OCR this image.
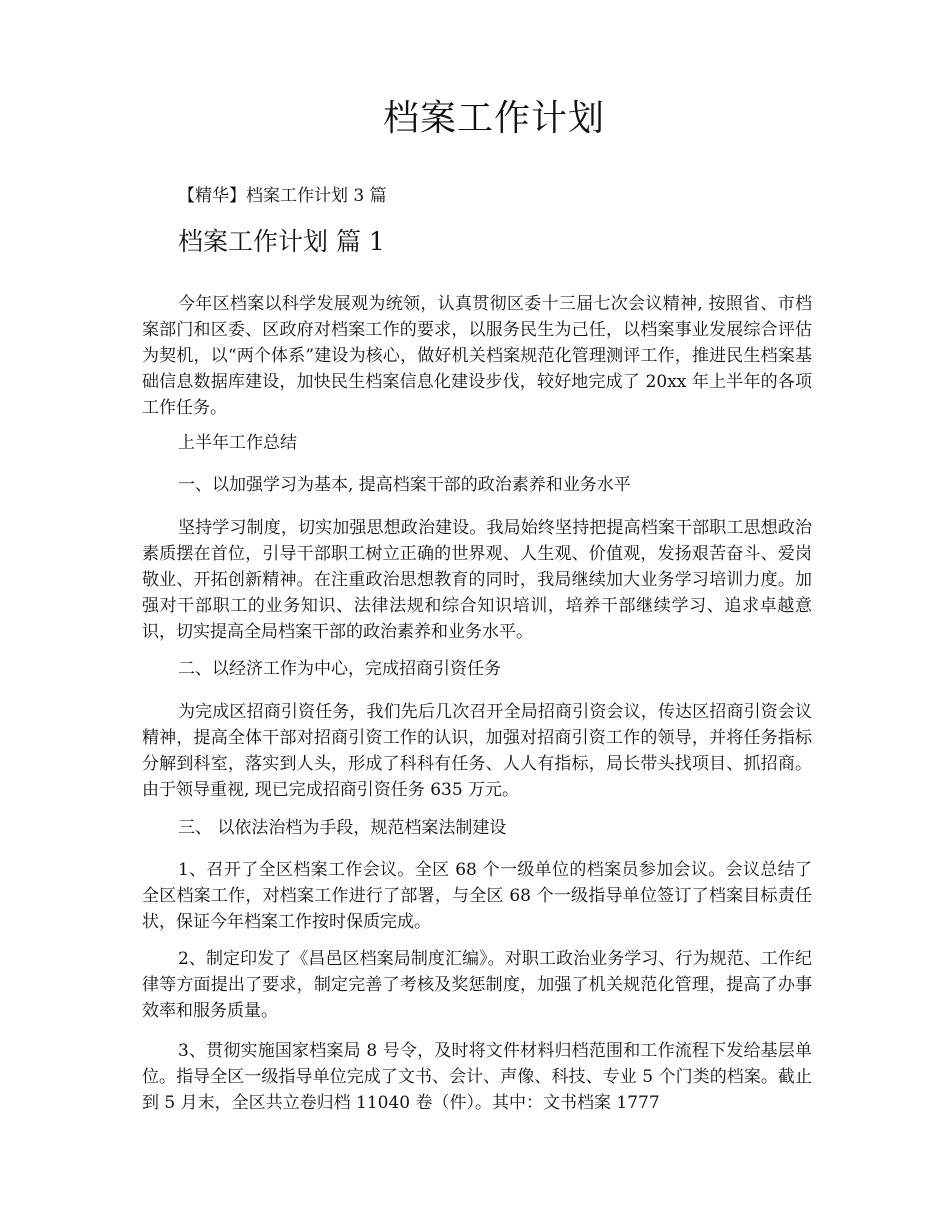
档案工作计划

【精华】档案工作计划 3 篇

档案工作计划 篇 1

今年区档案以科学发展观为统领，认真贯彻区委十三届七次会议精神, 按照省、市档案部门和区委、区政府对档案工作的要求，以服务民生为己任，以档案事业发展综合评估为契机，以“两个体系”建设为核心，做好机关档案规范化管理测评工作，推进民生档案基础信息数据库建设，加快民生档案信息化建设步伐，较好地完成了 20xx 年上半年的各项工作任务。

上半年工作总结

一、以加强学习为基本, 提高档案干部的政治素养和业务水平

坚持学习制度，切实加强思想政治建设。我局始终坚持把提高档案干部职工思想政治素质摆在首位，引导干部职工树立正确的世界观、人生观、价值观，发扬艰苦奋斗、爱岗敬业、开拓创新精神。在注重政治思想教育的同时，我局继续加大业务学习培训力度。加强对干部职工的业务知识、法律法规和综合知识培训，培养干部继续学习、追求卓越意识，切实提高全局档案干部的政治素养和业务水平。

二、以经济工作为中心，完成招商引资任务

为完成区招商引资任务，我们先后几次召开全局招商引资会议，传达区招商引资会议精神，提高全体干部对招商引资工作的认识，加强对招商引资工作的领导，并将任务指标分解到科室，落实到人头，形成了科科有任务、人人有指标，局长带头找项目、抓招商。由于领导重视, 现已完成招商引资任务 635 万元。

三、 以依法治档为手段，规范档案法制建设

1、召开了全区档案工作会议。全区 68 个一级单位的档案员参加会议。会议总结了全区档案工作，对档案工作进行了部署，与全区 68 个一级指导单位签订了档案目标责任状，保证今年档案工作按时保质完成。

2、制定印发了《昌邑区档案局制度汇编》。对职工政治业务学习、行为规范、工作纪律等方面提出了要求，制定完善了考核及奖惩制度，加强了机关规范化管理，提高了办事效率和服务质量。

3、贯彻实施国家档案局 8 号令，及时将文件材料归档范围和工作流程下发给基层单位。指导全区一级指导单位完成了文书、会计、声像、科技、专业 5 个门类的档案。截止到 5 月末，全区共立卷归档 11040 卷（件）。其中：文书档案 1777
